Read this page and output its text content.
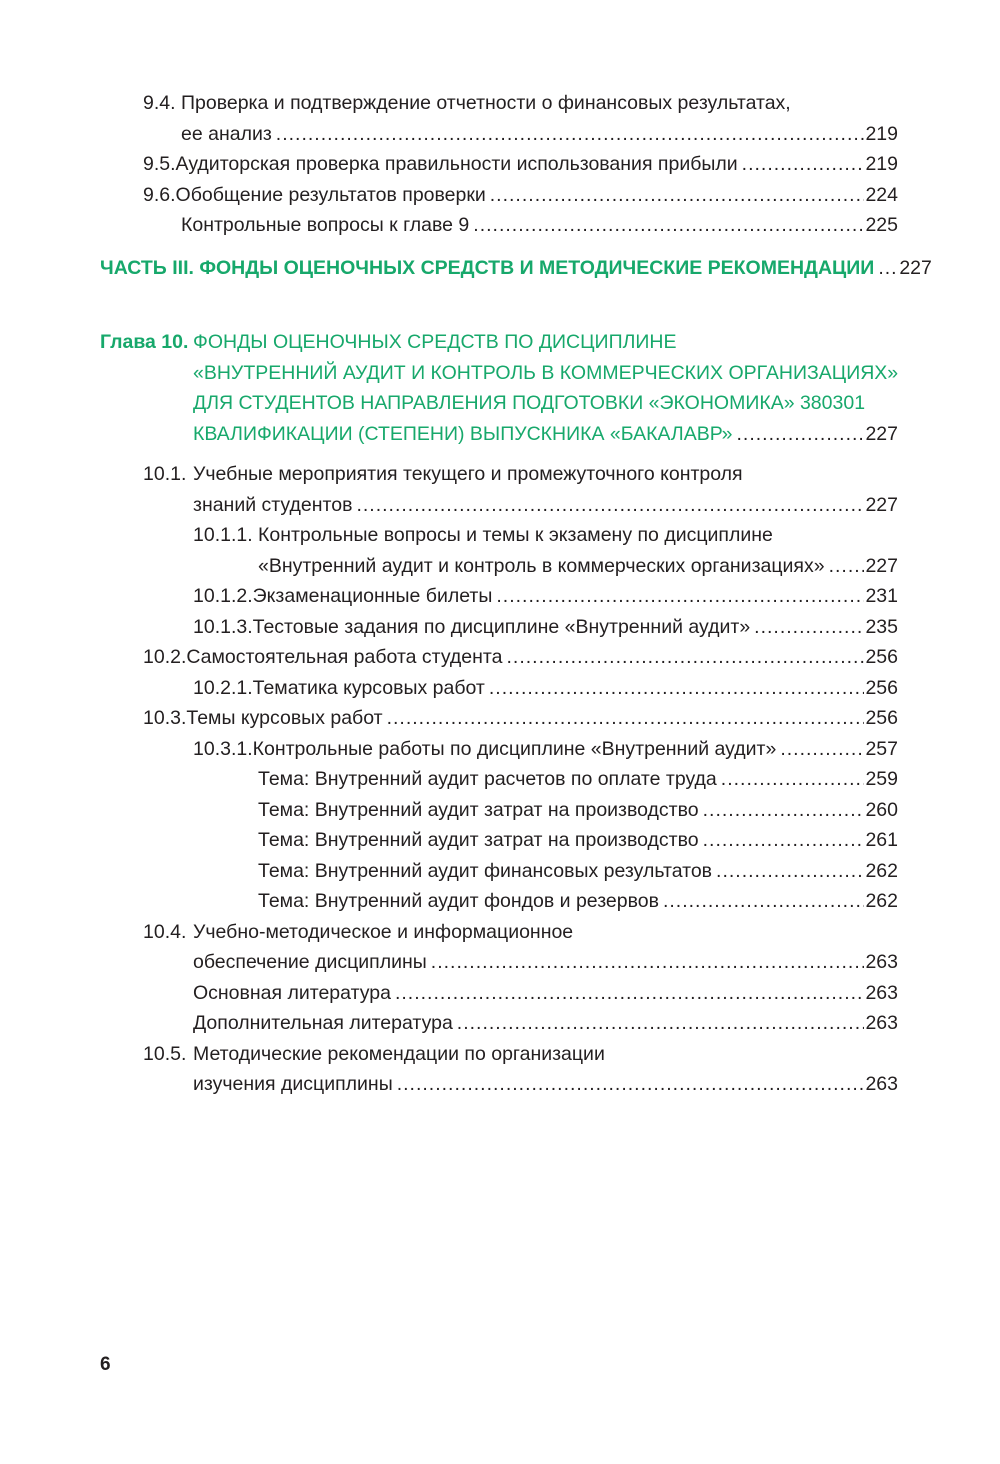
9.4. Проверка и подтверждение отчетности о финансовых результатах,
ее анализ .....	219
9.5. Аудиторская проверка правильности использования прибыли .....	219
9.6. Обобщение результатов проверки .....	224
Контрольные вопросы к главе 9 .....	225
ЧАСТЬ III. ФОНДЫ ОЦЕНОЧНЫХ СРЕДСТВ И МЕТОДИЧЕСКИЕ РЕКОМЕНДАЦИИ ..... 227
Глава 10. ФОНДЫ ОЦЕНОЧНЫХ СРЕДСТВ ПО ДИСЦИПЛИНЕ
«ВНУТРЕННИЙ АУДИТ И КОНТРОЛЬ В КОММЕРЧЕСКИХ ОРГАНИЗАЦИЯХ»
ДЛЯ СТУДЕНТОВ НАПРАВЛЕНИЯ ПОДГОТОВКИ «ЭКОНОМИКА» 380301
КВАЛИФИКАЦИИ (СТЕПЕНИ) ВЫПУСКНИКА «БАКАЛАВР» .....	227
10.1. Учебные мероприятия текущего и промежуточного контроля
знаний студентов .....	227
10.1.1. Контрольные вопросы и темы к экзамену по дисциплине
«Внутренний аудит и контроль в коммерческих организациях» ..... 227
10.1.2. Экзаменационные билеты .....	231
10.1.3. Тестовые задания по дисциплине «Внутренний аудит» .....	235
10.2. Самостоятельная работа студента .....	256
10.2.1. Тематика курсовых работ .....	256
10.3. Темы курсовых работ .....	256
10.3.1. Контрольные работы по дисциплине «Внутренний аудит» .....	257
Тема: Внутренний аудит расчетов по оплате труда .....	259
Тема: Внутренний аудит затрат на производство .....	260
Тема: Внутренний аудит затрат на производство .....	261
Тема: Внутренний аудит финансовых результатов .....	262
Тема: Внутренний аудит фондов и резервов .....	262
10.4. Учебно-методическое и информационное
обеспечение дисциплины .....	263
Основная литература .....	263
Дополнительная литература .....	263
10.5. Методические рекомендации по организации
изучения дисциплины .....	263
6
